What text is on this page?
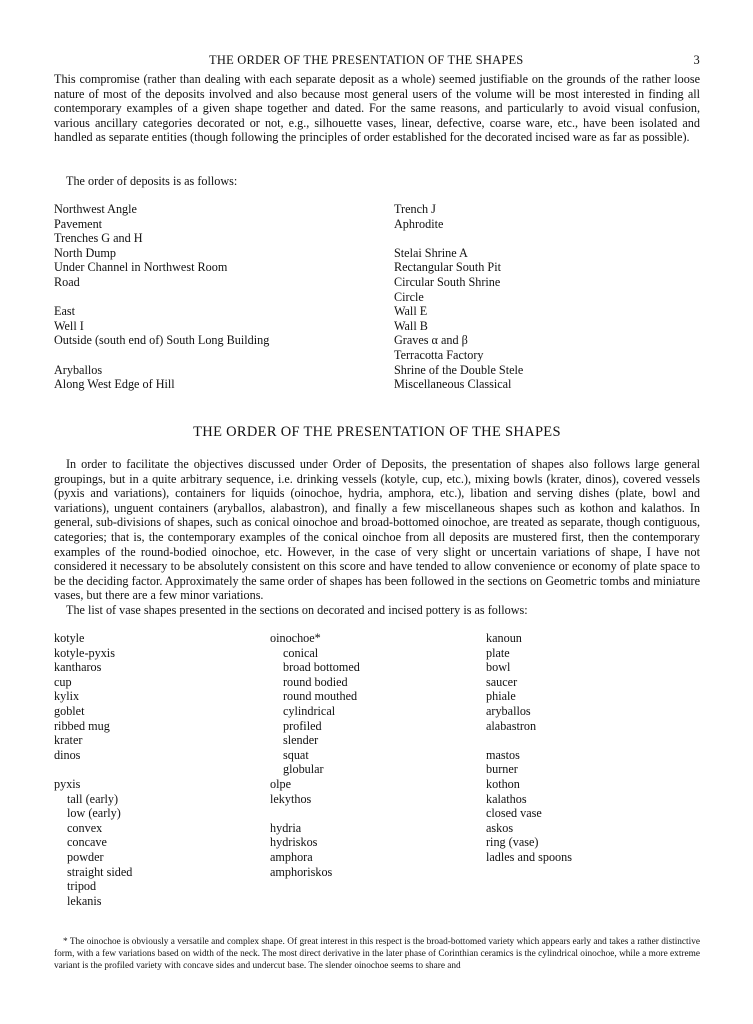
THE ORDER OF THE PRESENTATION OF THE SHAPES	3

This compromise (rather than dealing with each separate deposit as a whole) seemed justifiable on the grounds of the rather loose nature of most of the deposits involved and also because most general users of the volume will be most interested in finding all contemporary examples of a given shape together and dated. For the same reasons, and particularly to avoid visual confusion, various ancillary categories decorated or not, e.g., silhouette vases, linear, defective, coarse ware, etc., have been isolated and handled as separate entities (though following the principles of order established for the decorated incised ware as far as possible).

The order of deposits is as follows:

Northwest Angle
Pavement
Trenches G and H
North Dump
Under Channel in Northwest Room
Road
East
Well I
Outside (south end of) South Long Building
Aryballos
Along West Edge of Hill
Trench J
Aphrodite
Stelai Shrine A
Rectangular South Pit
Circular South Shrine
Circle
Wall E
Wall B
Graves α and β
Terracotta Factory
Shrine of the Double Stele
Miscellaneous Classical
THE ORDER OF THE PRESENTATION OF THE SHAPES

In order to facilitate the objectives discussed under Order of Deposits, the presentation of shapes also follows large general groupings, but in a quite arbitrary sequence, i.e. drinking vessels (kotyle, cup, etc.), mixing bowls (krater, dinos), covered vessels (pyxis and variations), containers for liquids (oinochoe, hydria, amphora, etc.), libation and serving dishes (plate, bowl and variations), unguent containers (aryballos, alabastron), and finally a few miscellaneous shapes such as kothon and kalathos. In general, sub-divisions of shapes, such as conical oinochoe and broad-bottomed oinochoe, are treated as separate, though contiguous, categories; that is, the contemporary examples of the conical oinchoe from all deposits are mustered first, then the contemporary examples of the round-bodied oinochoe, etc. However, in the case of very slight or uncertain variations of shape, I have not considered it necessary to be absolutely consistent on this score and have tended to allow convenience or economy of plate space to be the deciding factor. Approximately the same order of shapes has been followed in the sections on Geometric tombs and miniature vases, but there are a few minor variations.

The list of vase shapes presented in the sections on decorated and incised pottery is as follows:

kotyle
kotyle-pyxis
kantharos
cup
kylix
goblet
ribbed mug
krater
dinos
pyxis
tall (early)
low (early)
convex
concave
powder
straight sided
tripod
lekanis
oinochoe*
conical
broad bottomed
round bodied
round mouthed
cylindrical
profiled
slender
squat
globular
olpe
lekythos
hydria
hydriskos
amphora
amphoriskos
kanoun
plate
bowl
saucer
phiale
aryballos
alabastron
mastos
burner
kothon
kalathos
closed vase
askos
ring (vase)
ladles and spoons

* The oinochoe is obviously a versatile and complex shape. Of great interest in this respect is the broad-bottomed variety which appears early and takes a rather distinctive form, with a few variations based on width of the neck. The most direct derivative in the later phase of Corinthian ceramics is the cylindrical oinochoe, while a more extreme variant is the profiled variety with concave sides and undercut base. The slender oinochoe seems to share and
